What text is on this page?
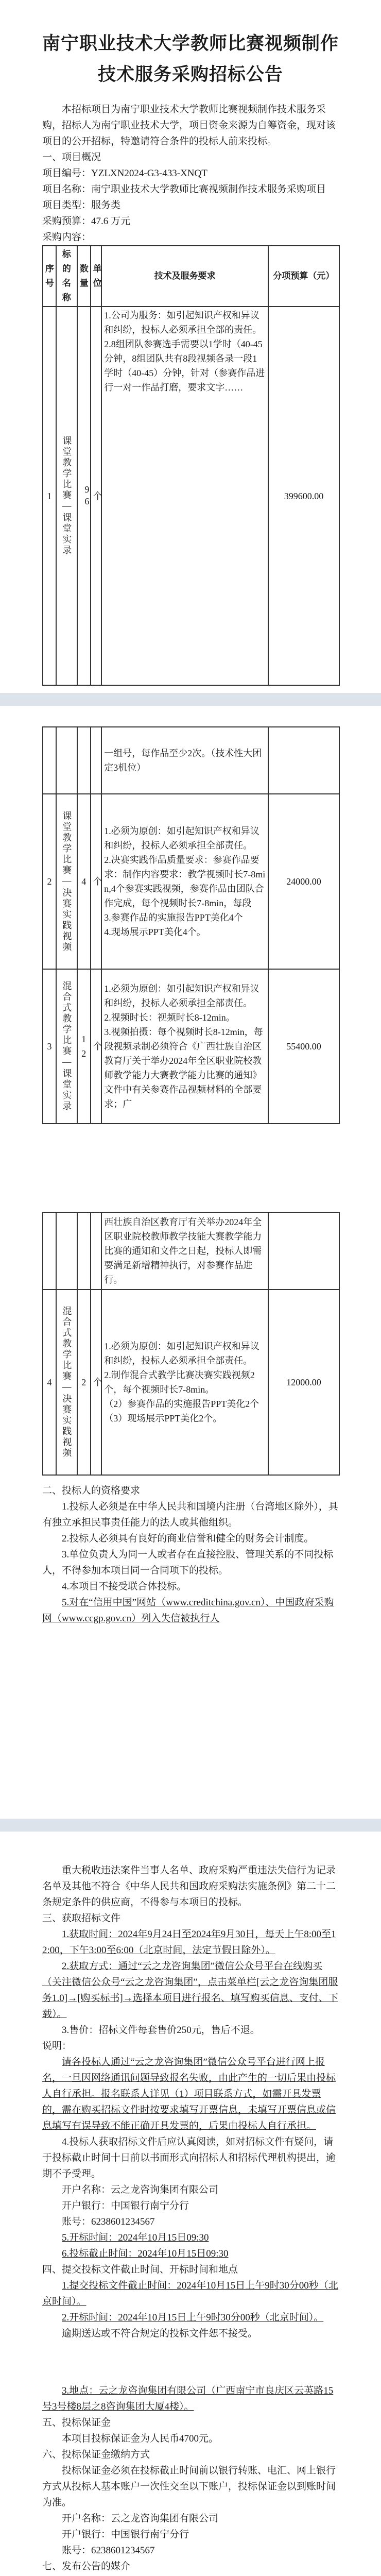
南宁职业技术大学教师比赛视频制作技术服务采购招标公告
本招标项目为南宁职业技术大学教师比赛视频制作技术服务采购，招标人为南宁职业技术大学，项目资金来源为自筹资金，现对该项目的公开招标，特邀请符合条件的投标人前来投标。
一、项目概况
项目编号：YZLXN2024-G3-433-XNQT
项目名称：南宁职业技术大学教师比赛视频制作技术服务采购项目
项目类型：服务类
采购预算：47.6 万元
采购内容：
序号	标的名称	数量	单位	技术及服务要求	分项预算（元）
1	课堂教学比赛—课堂实录	96	个	1.公司为服务：如引起知识产权和异议和纠纷，投标人必须承担全部的责任。
2.8组团队参赛选手需要以1学时（40-45分钟，8组团队共有8段视频各录一段1学时（40-45）分钟，针对（参赛作品进行一对一作品打磨，要求文字……	399600.00

				一组号，每作品至少2次。（技术性大团定3机位）	

2	课堂教学比赛—决赛实践视频	4	个	1.必须为原创：如引起知识产权和异议和纠纷，投标人必须承担全部责任。
2.决赛实践作品质量要求：参赛作品要求：制作内容要求：教学视频时长7-8min,4个参赛实践视频，参赛作品由团队合作完成，每个视频时长7-8min，每段
3.参赛作品的实施报告PPT美化4个
4.现场展示PPT美化4个。	24000.00
3	混合式教学比赛—课堂实录	12	个	1.必须为原创：如引起知识产权和异议和纠纷，投标人必须承担全部责任。
2.视频时长：视频时长8-12min。
3.视频拍摄：每个视频时长8-12min，每段视频录制必须符合《广西壮族自治区教育厅关于举办2024年全区职业院校教师教学能力大赛教学能力比赛的通知》文件中有关参赛作品视频材料的全部要求；广	55400.00

				西壮族自治区教育厅有关举办2024年全区职业院校教师教学技能大赛教学能力比赛的通知和文件之日起，投标人即需要满足新增精神执行，对参赛作品进行。	

4	混合式教学比赛—决赛实践视频	2	个	1.必须为原创：如引起知识产权和异议和纠纷，投标人必须承担全部责任。
2.制作混合式教学比赛决赛实践视频2个，每个视频时长7-8min。
（2）参赛作品的实施报告PPT美化2个
（3）现场展示PPT美化2个。	12000.00
二、投标人的资格要求
1.投标人必须是在中华人民共和国境内注册（台湾地区除外），具有独立承担民事责任能力的法人或其他组织。
2.投标人必须具有良好的商业信誉和健全的财务会计制度。
3.单位负责人为同一人或者存在直接控股、管理关系的不同投标人，不得参加本项目同一合同项下的投标。
4.本项目不接受联合体投标。
5.对在“信用中国”网站（www.creditchina.gov.cn）、中国政府采购网（www.ccgp.gov.cn）列入失信被执行人
重大税收违法案件当事人名单、政府采购严重违法失信行为记录名单及其他不符合《中华人民共和国政府采购法实施条例》第二十二条规定条件的供应商，不得参与本项目的投标。
三、获取招标文件
1.获取时间：2024年9月24日至2024年9月30日，每天上午8:00至12:00，下午3:00至6:00（北京时间，法定节假日除外）。
2.获取方式：通过“云之龙咨询集团”微信公众号平台在线购买（关注微信公众号“云之龙咨询集团”，点击菜单栏[云之龙咨询集团服务1.0]→[购买标书]→选择本项目进行报名、填写购买信息、支付、下载）。
3.售价：招标文件每套售价250元，售后不退。
说明：
请各投标人通过“云之龙咨询集团”微信公众号平台进行网上报名，一旦因网络通讯问题导致报名失败，由此产生的一切后果由投标人自行承担。报名联系人详见（1）项目联系方式，如需开具发票的，需在购买招标文件时按要求填写开票信息，未填写开票信息或信息填写有误导致不能正确开具发票的，后果由投标人自行承担。
4.投标人获取招标文件后应认真阅读，如对招标文件有疑问，请于投标截止时间十日前以书面形式向招标人和招标代理机构提出，逾期不予受理。
开户名称：云之龙咨询集团有限公司
开户银行：中国银行南宁分行
账号：6238601234567
5.开标时间：2024年10月15日09:30
6.投标截止时间：2024年10月15日09:30
四、提交投标文件截止时间、开标时间和地点
1.提交投标文件截止时间：2024年10月15日上午9时30分00秒（北京时间）。
2.开标时间：2024年10月15日上午9时30分00秒（北京时间）。
逾期送达或不符合规定的投标文件恕不接受。
3.地点：云之龙咨询集团有限公司（广西南宁市良庆区云英路15号3号楼8层之8咨询集团大厦4楼）。
五、投标保证金
本项目投标保证金为人民币4700元。
六、投标保证金缴纳方式
投标保证金必须在投标截止时间前以银行转账、电汇、网上银行方式从投标人基本账户一次性交至以下账户，投标保证金以到账时间为准。
开户名称：云之龙咨询集团有限公司
开户银行：中国银行南宁分行
账号：6238601234567
七、发布公告的媒介
